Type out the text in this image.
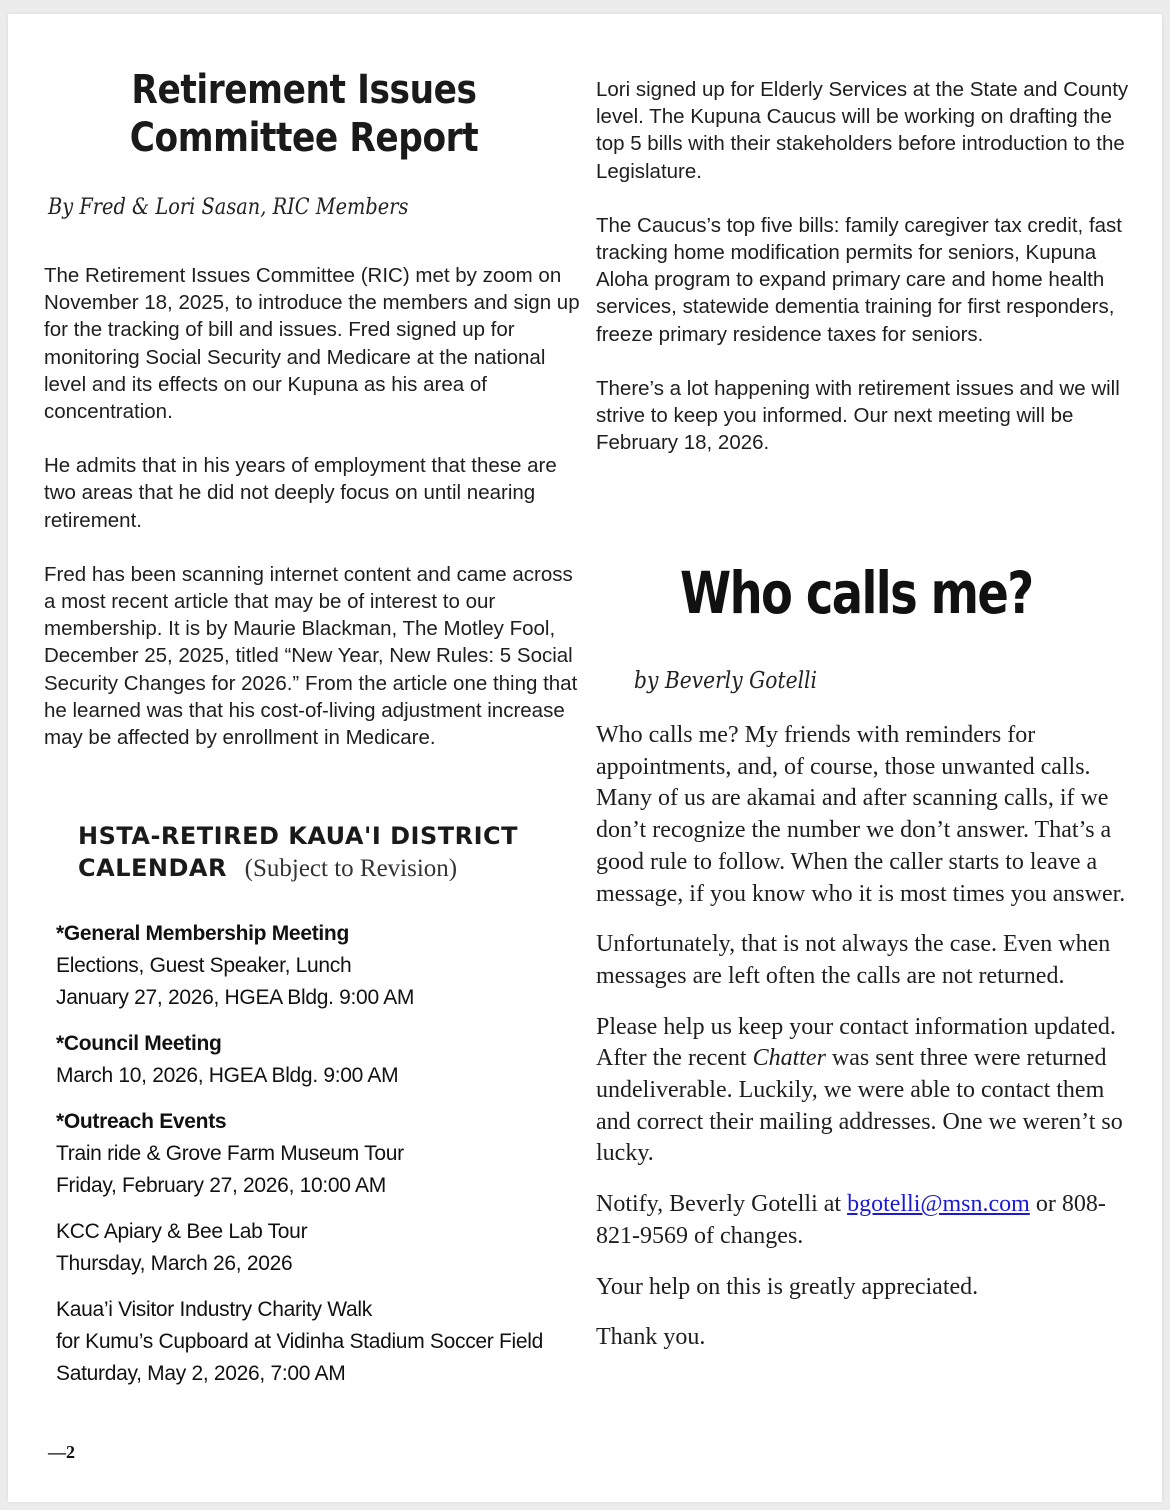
Retirement Issues
Committee Report
By Fred & Lori Sasan, RIC Members

The Retirement Issues Committee (RIC) met by zoom on November 18, 2025, to introduce the members and sign up for the tracking of bill and issues. Fred signed up for monitoring Social Security and Medicare at the national level and its effects on our Kupuna as his area of concentration.

He admits that in his years of employment that these are two areas that he did not deeply focus on until nearing retirement.

Fred has been scanning internet content and came across a most recent article that may be of interest to our membership. It is by Maurie Blackman, The Motley Fool, December 25, 2025, titled “New Year, New Rules: 5 Social Security Changes for 2026.” From the article one thing that he learned was that his cost-of-living adjustment increase may be affected by enrollment in Medicare.

HSTA-RETIRED KAUA'I DISTRICT
CALENDAR (Subject to Revision)
*General Membership Meeting
Elections, Guest Speaker, Lunch
January 27, 2026, HGEA Bldg. 9:00 AM
*Council Meeting
March 10, 2026, HGEA Bldg. 9:00 AM
*Outreach Events
Train ride & Grove Farm Museum Tour
Friday, February 27, 2026, 10:00 AM
KCC Apiary & Bee Lab Tour
Thursday, March 26, 2026
Kaua’i Visitor Industry Charity Walk
for Kumu’s Cupboard at Vidinha Stadium Soccer Field
Saturday, May 2, 2026, 7:00 AM
—2

Lori signed up for Elderly Services at the State and County level. The Kupuna Caucus will be working on drafting the top 5 bills with their stakeholders before introduction to the Legislature.

The Caucus’s top five bills: family caregiver tax credit, fast tracking home modification permits for seniors, Kupuna Aloha program to expand primary care and home health services, statewide dementia training for first responders, freeze primary residence taxes for seniors.

There’s a lot happening with retirement issues and we will strive to keep you informed. Our next meeting will be February 18, 2026.

Who calls me?
by Beverly Gotelli

Who calls me? My friends with reminders for appointments, and, of course, those unwanted calls. Many of us are akamai and after scanning calls, if we don’t recognize the number we don’t answer. That’s a good rule to follow. When the caller starts to leave a message, if you know who it is most times you answer.

Unfortunately, that is not always the case. Even when messages are left often the calls are not returned.

Please help us keep your contact information updated. After the recent Chatter was sent three were returned undeliverable. Luckily, we were able to contact them and correct their mailing addresses. One we weren’t so lucky.

Notify, Beverly Gotelli at bgotelli@msn.com or 808-821-9569 of changes.

Your help on this is greatly appreciated.

Thank you.
